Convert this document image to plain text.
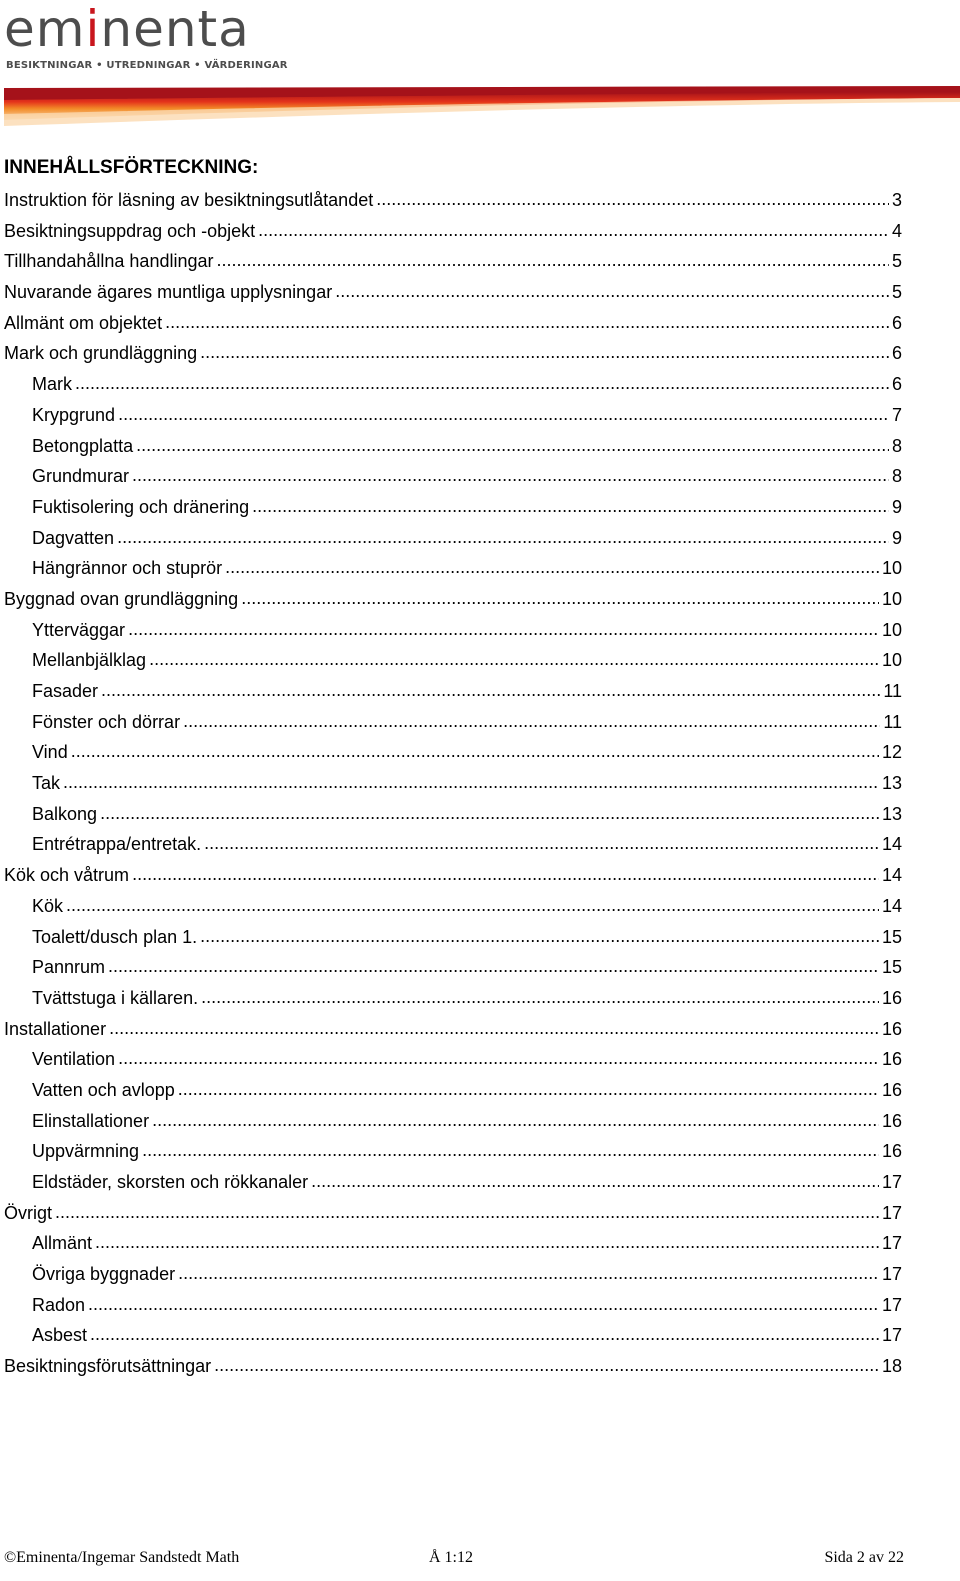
eminenta
BESIKTNINGAR • UTREDNINGAR • VÄRDERINGAR
INNEHÅLLSFÖRTECKNING:
Instruktion för läsning av besiktningsutlåtandet .....	3
Besiktningsuppdrag och -objekt .....	4
Tillhandahållna handlingar .....	5
Nuvarande ägares muntliga upplysningar .....	5
Allmänt om objektet .....	6
Mark och grundläggning .....	6
Mark .....	6
Krypgrund .....	7
Betongplatta .....	8
Grundmurar .....	8
Fuktisolering och dränering .....	9
Dagvatten .....	9
Hängrännor och stuprör .....	10
Byggnad ovan grundläggning .....	10
Ytterväggar .....	10
Mellanbjälklag .....	10
Fasader .....	11
Fönster och dörrar .....	11
Vind .....	12
Tak .....	13
Balkong .....	13
Entrétrappa/entretak. .....	14
Kök och våtrum .....	14
Kök .....	14
Toalett/dusch plan 1. .....	15
Pannrum .....	15
Tvättstuga i källaren. .....	16
Installationer .....	16
Ventilation .....	16
Vatten och avlopp .....	16
Elinstallationer .....	16
Uppvärmning .....	16
Eldstäder, skorsten och rökkanaler .....	17
Övrigt .....	17
Allmänt .....	17
Övriga byggnader .....	17
Radon .....	17
Asbest .....	17
Besiktningsförutsättningar .....	18
©Eminenta/Ingemar Sandstedt Math	Å 1:12	Sida 2 av 22
